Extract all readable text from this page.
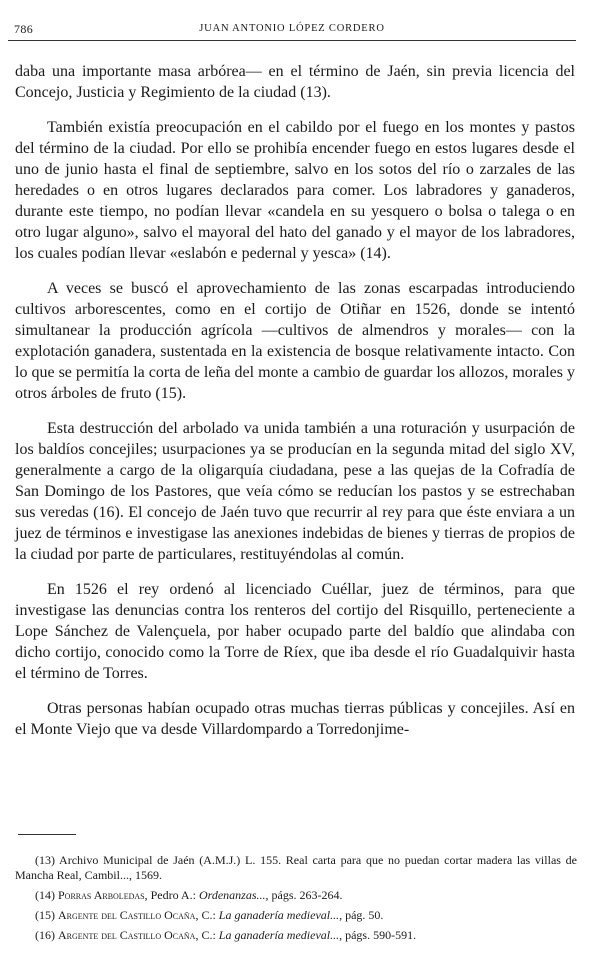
786	JUAN ANTONIO LÓPEZ CORDERO

daba una importante masa arbórea— en el término de Jaén, sin previa licencia del Concejo, Justicia y Regimiento de la ciudad (13).

También existía preocupación en el cabildo por el fuego en los montes y pastos del término de la ciudad. Por ello se prohibía encender fuego en estos lugares desde el uno de junio hasta el final de septiembre, salvo en los sotos del río o zarzales de las heredades o en otros lugares declarados para comer. Los labradores y ganaderos, durante este tiempo, no podían llevar «candela en su yesquero o bolsa o talega o en otro lugar alguno», salvo el mayoral del hato del ganado y el mayor de los labradores, los cuales podían llevar «eslabón e pedernal y yesca» (14).

A veces se buscó el aprovechamiento de las zonas escarpadas introduciendo cultivos arborescentes, como en el cortijo de Otiñar en 1526, donde se intentó simultanear la producción agrícola —cultivos de almendros y morales— con la explotación ganadera, sustentada en la existencia de bosque relativamente intacto. Con lo que se permitía la corta de leña del monte a cambio de guardar los allozos, morales y otros árboles de fruto (15).

Esta destrucción del arbolado va unida también a una roturación y usurpación de los baldíos concejiles; usurpaciones ya se producían en la segunda mitad del siglo XV, generalmente a cargo de la oligarquía ciudadana, pese a las quejas de la Cofradía de San Domingo de los Pastores, que veía cómo se reducían los pastos y se estrechaban sus veredas (16). El concejo de Jaén tuvo que recurrir al rey para que éste enviara a un juez de términos e investigase las anexiones indebidas de bienes y tierras de propios de la ciudad por parte de particulares, restituyéndolas al común.

En 1526 el rey ordenó al licenciado Cuéllar, juez de términos, para que investigase las denuncias contra los renteros del cortijo del Risquillo, perteneciente a Lope Sánchez de Valençuela, por haber ocupado parte del baldío que alindaba con dicho cortijo, conocido como la Torre de Ríex, que iba desde el río Guadalquivir hasta el término de Torres.

Otras personas habían ocupado otras muchas tierras públicas y concejiles. Así en el Monte Viejo que va desde Villardompardo a Torredonjime-

(13) Archivo Municipal de Jaén (A.M.J.) L. 155. Real carta para que no puedan cortar madera las villas de Mancha Real, Cambil..., 1569.

(14) Porras Arboledas, Pedro A.: Ordenanzas..., págs. 263-264.

(15) Argente del Castillo Ocaña, C.: La ganadería medieval..., pág. 50.

(16) Argente del Castillo Ocaña, C.: La ganadería medieval..., págs. 590-591.
